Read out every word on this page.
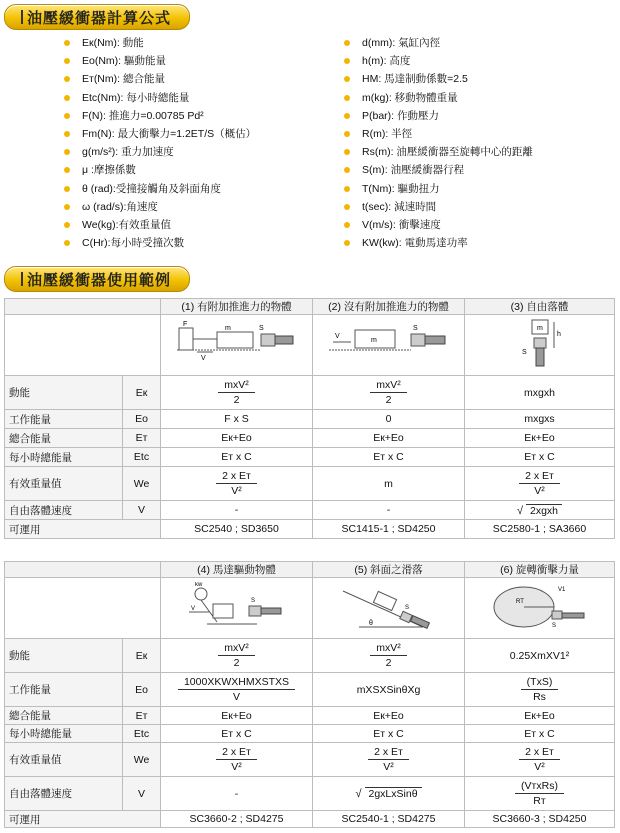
油壓緩衝器計算公式
Eк(Nm): 動能
Eo(Nm): 驅動能量
Eт(Nm): 總合能量
Etc(Nm): 每小時總能量
F(N): 推進力=0.00785 Pd²
Fm(N): 最大衝擊力=1.2ET/S（概估）
g(m/s²): 重力加速度
μ :摩擦係數
θ (rad):受撞接觸角及斜面角度
ω (rad/s):角速度
We(kg):有效重量值
C(Hr):每小時受撞次數
d(mm): 氣缸內徑
h(m): 高度
HM: 馬達制動係數=2.5
m(kg): 移動物體重量
P(bar): 作動壓力
R(m): 半徑
Rs(m): 油壓緩衝器至旋轉中心的距離
S(m): 油壓緩衝器行程
T(Nm): 驅動扭力
t(sec): 減速時間
V(m/s): 衝擊速度
KW(kw): 電動馬達功率
油壓緩衝器使用範例
		(1) 有附加推進力的物體	(2) 沒有附加推進力的物體	(3) 自由落體

F
m
V
S	V
m
S	m
h
S

動能	Eк	$\frac{\text{mxV²}}{2}$	$\frac{\text{mxV²}}{2}$	mxgxh
工作能量	Eo	F x S	0	mxgxs
總合能量	Eт	Eк+Eo	Eк+Eo	Eк+Eo
每小時總能量	Etc	Eт x C	Eт x C	Eт x C
有效重量值	We	$\frac{\text{2 x Eт}}{\text{V²}}$	m	$\frac{\text{2 x Eт}}{\text{V²}}$

自由落體速度	V	-	-	√ 2xgxh
可運用		SC2540 ; SD3650	SC1415-1 ; SD4250	SC2580-1 ; SA3660
		(4) 馬達驅動物體	(5) 斜面之滑落	(6) 旋轉衝擊力量

kw
V
S	θ
S	RT
V1
S

動能	Eк	$\frac{\text{mxV²}}{2}$	$\frac{\text{mxV²}}{2}$	0.25XmXV1²
工作能量	Eo	$\frac{\text{1000XKWXHMXSTXS}}{V}$	mXSXSinθXg	$\frac{\text{(TxS)}}{Rs}$

總合能量	Eт	Eк+Eo	Eк+Eo	Eк+Eo
每小時總能量	Etc	Eт x C	Eт x C	Eт x C
有效重量值	We	$\frac{\text{2 x Eт}}{\text{V²}}$	$\frac{\text{2 x Eт}}{\text{V²}}$	$\frac{\text{2 x Eт}}{\text{V²}}$

自由落體速度	V	-	√ 2gxLxSinθ	$\frac{\text{(VтxRs)}}{Rт}$

可運用		SC3660-2 ; SD4275	SC2540-1 ; SD4275	SC3660-3 ; SD4250
